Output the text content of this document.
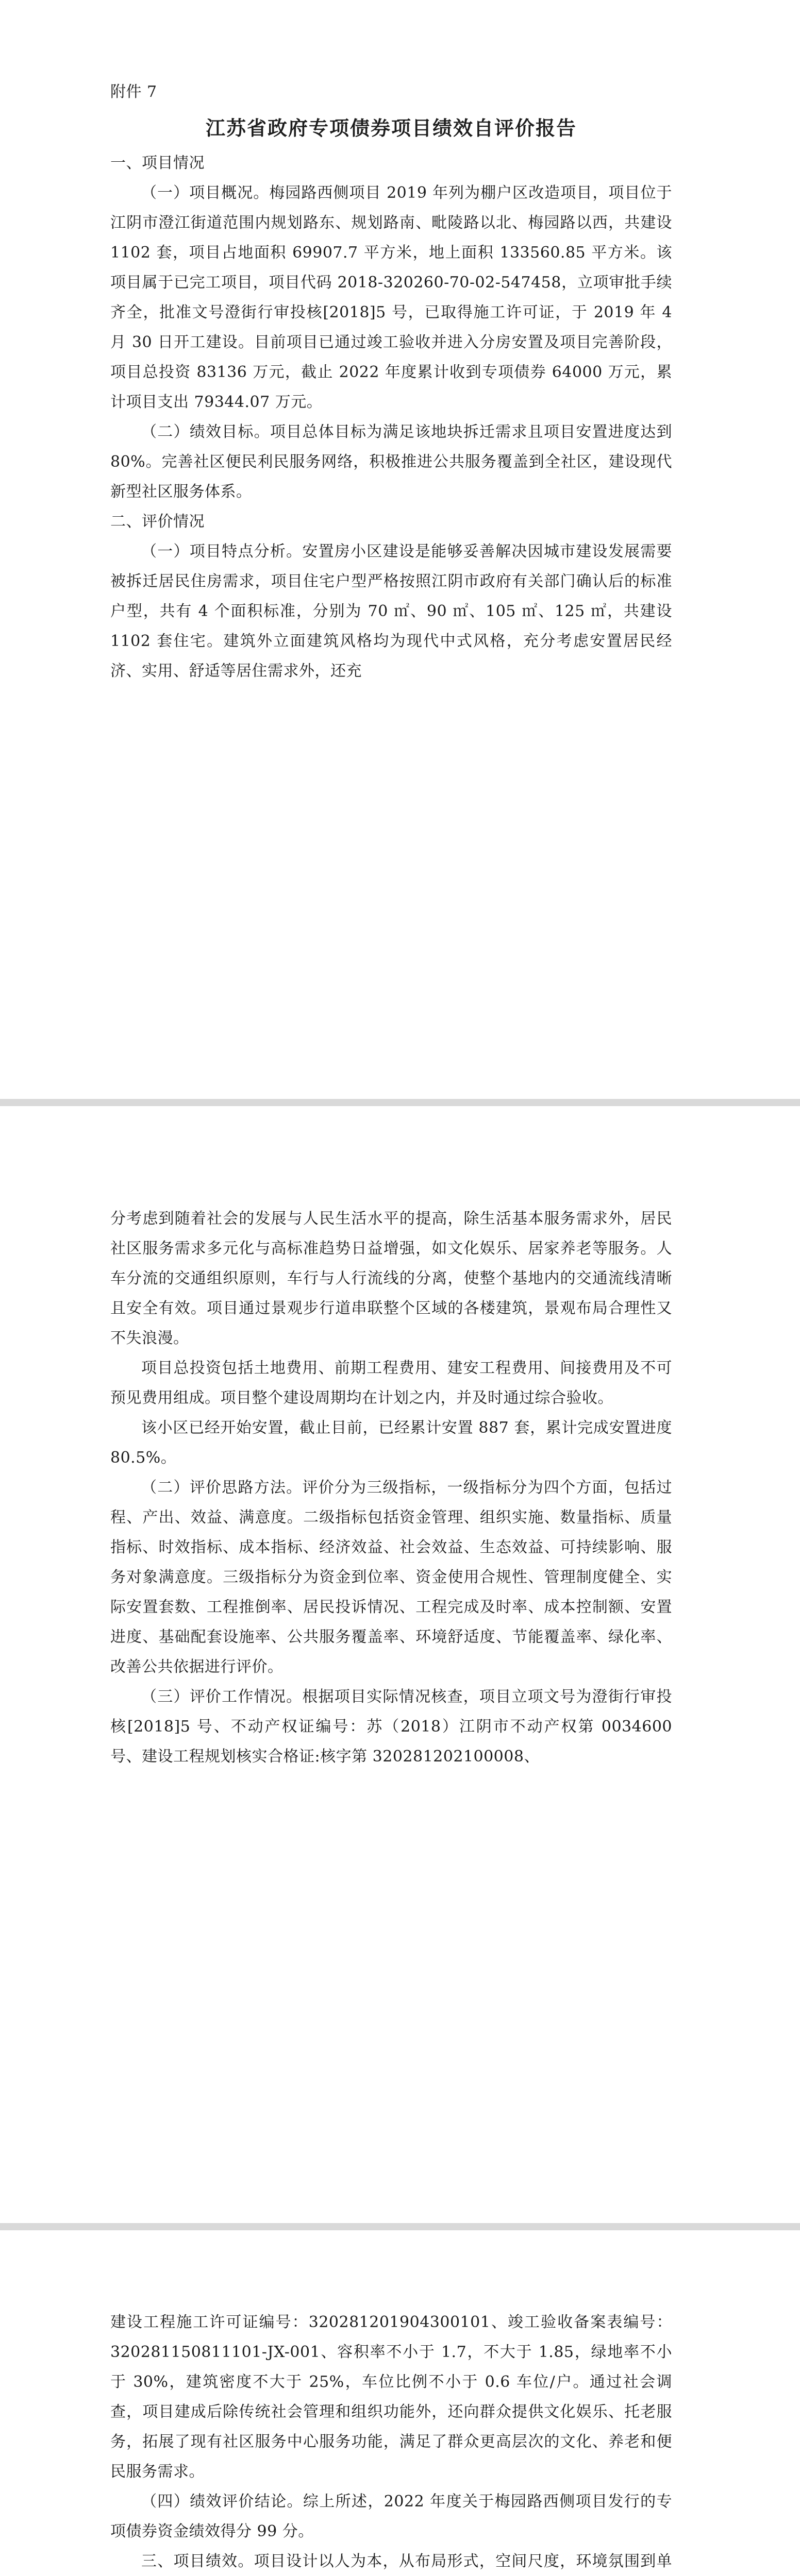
附件 7

江苏省政府专项债券项目绩效自评价报告

一、项目情况

（一）项目概况。梅园路西侧项目 2019 年列为棚户区改造项目，项目位于江阴市澄江街道范围内规划路东、规划路南、毗陵路以北、梅园路以西，共建设 1102 套，项目占地面积 69907.7 平方米，地上面积 133560.85 平方米。该项目属于已完工项目，项目代码 2018-320260-70-02-547458，立项审批手续齐全，批准文号澄街行审投核[2018]5 号，已取得施工许可证，于 2019 年 4 月 30 日开工建设。目前项目已通过竣工验收并进入分房安置及项目完善阶段，项目总投资 83136 万元，截止 2022 年度累计收到专项债券 64000 万元，累计项目支出 79344.07 万元。

（二）绩效目标。项目总体目标为满足该地块拆迁需求且项目安置进度达到 80%。完善社区便民利民服务网络，积极推进公共服务覆盖到全社区，建设现代新型社区服务体系。

二、评价情况

（一）项目特点分析。安置房小区建设是能够妥善解决因城市建设发展需要被拆迁居民住房需求，项目住宅户型严格按照江阴市政府有关部门确认后的标准户型，共有 4 个面积标准，分别为 70 ㎡、90 ㎡、105 ㎡、125 ㎡，共建设 1102 套住宅。建筑外立面建筑风格均为现代中式风格，充分考虑安置居民经济、实用、舒适等居住需求外，还充

分考虑到随着社会的发展与人民生活水平的提高，除生活基本服务需求外，居民社区服务需求多元化与高标准趋势日益增强，如文化娱乐、居家养老等服务。人车分流的交通组织原则，车行与人行流线的分离，使整个基地内的交通流线清晰且安全有效。项目通过景观步行道串联整个区域的各楼建筑，景观布局合理性又不失浪漫。

项目总投资包括土地费用、前期工程费用、建安工程费用、间接费用及不可预见费用组成。项目整个建设周期均在计划之内，并及时通过综合验收。

该小区已经开始安置，截止目前，已经累计安置 887 套，累计完成安置进度 80.5%。

（二）评价思路方法。评价分为三级指标，一级指标分为四个方面，包括过程、产出、效益、满意度。二级指标包括资金管理、组织实施、数量指标、质量指标、时效指标、成本指标、经济效益、社会效益、生态效益、可持续影响、服务对象满意度。三级指标分为资金到位率、资金使用合规性、管理制度健全、实际安置套数、工程推倒率、居民投诉情况、工程完成及时率、成本控制额、安置进度、基础配套设施率、公共服务覆盖率、环境舒适度、节能覆盖率、绿化率、改善公共依据进行评价。

（三）评价工作情况。根据项目实际情况核查，项目立项文号为澄街行审投核[2018]5 号、不动产权证编号：苏（2018）江阴市不动产权第 0034600 号、建设工程规划核实合格证:核字第 320281202100008、

建设工程施工许可证编号：320281201904300101、竣工验收备案表编号：320281150811101-JX-001、容积率不小于 1.7，不大于 1.85，绿地率不小于 30%，建筑密度不大于 25%，车位比例不小于 0.6 车位/户。通过社会调查，项目建成后除传统社会管理和组织功能外，还向群众提供文化娱乐、托老服务，拓展了现有社区服务中心服务功能，满足了群众更高层次的文化、养老和便民服务需求。

（四）绩效评价结论。综上所述，2022 年度关于梅园路西侧项目发行的专项债券资金绩效得分 99 分。

三、项目绩效。项目设计以人为本，从布局形式，空间尺度，环境氛围到单
